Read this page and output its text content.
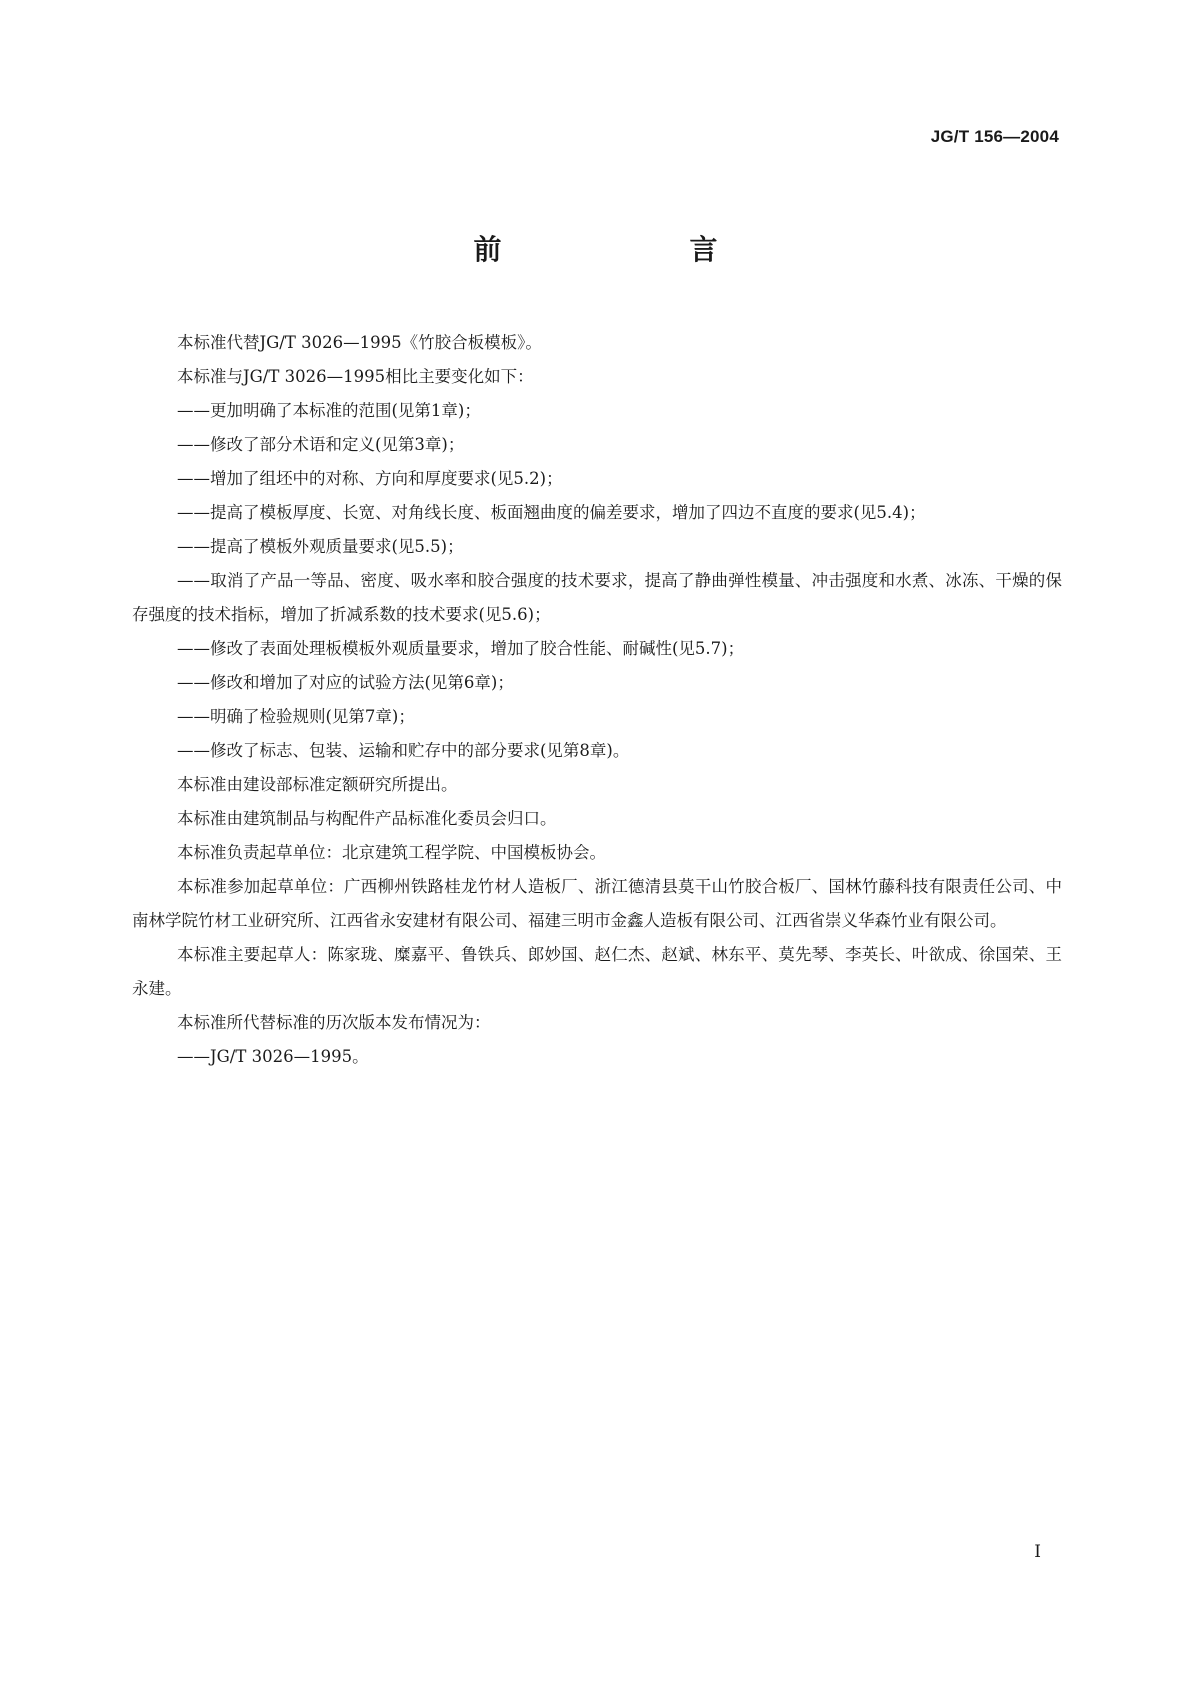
JG/T 156—2004
前　　言

本标准代替JG/T 3026—1995《竹胶合板模板》。

本标准与JG/T 3026—1995相比主要变化如下：

——更加明确了本标准的范围(见第1章)；

——修改了部分术语和定义(见第3章)；

——增加了组坯中的对称、方向和厚度要求(见5.2)；

——提高了模板厚度、长宽、对角线长度、板面翘曲度的偏差要求，增加了四边不直度的要求(见5.4)；

——提高了模板外观质量要求(见5.5)；

——取消了产品一等品、密度、吸水率和胶合强度的技术要求，提高了静曲弹性模量、冲击强度和水煮、冰冻、干燥的保存强度的技术指标，增加了折减系数的技术要求(见5.6)；

——修改了表面处理板模板外观质量要求，增加了胶合性能、耐碱性(见5.7)；

——修改和增加了对应的试验方法(见第6章)；

——明确了检验规则(见第7章)；

——修改了标志、包装、运输和贮存中的部分要求(见第8章)。

本标准由建设部标准定额研究所提出。

本标准由建筑制品与构配件产品标准化委员会归口。

本标准负责起草单位：北京建筑工程学院、中国模板协会。

本标准参加起草单位：广西柳州铁路桂龙竹材人造板厂、浙江德清县莫干山竹胶合板厂、国林竹藤科技有限责任公司、中南林学院竹材工业研究所、江西省永安建材有限公司、福建三明市金鑫人造板有限公司、江西省崇义华森竹业有限公司。

本标准主要起草人：陈家珑、糜嘉平、鲁铁兵、郎妙国、赵仁杰、赵斌、林东平、莫先琴、李英长、叶欲成、徐国荣、王永建。

本标准所代替标准的历次版本发布情况为：

——JG/T 3026—1995。

I
